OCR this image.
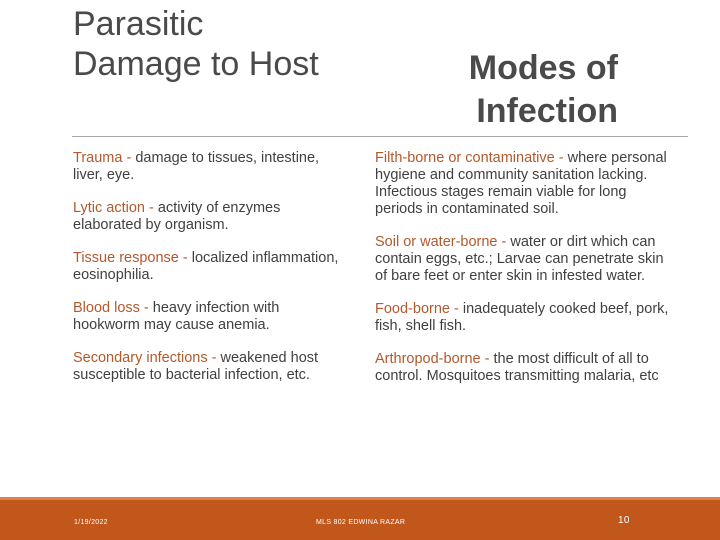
Parasitic
Damage to Host	Modes of
Infection

Trauma - damage to tissues, intestine, liver, eye.

Lytic action - activity of enzymes elaborated by organism.

Tissue response - localized inflammation, eosinophilia.

Blood loss - heavy infection with hookworm may cause anemia.

Secondary infections - weakened host susceptible to bacterial infection, etc.

Filth-borne or contaminative - where personal hygiene and community sanitation lacking. Infectious stages remain viable for long periods in contaminated soil.

Soil or water-borne - water or dirt which can contain eggs, etc.; Larvae can penetrate skin of bare feet or enter skin in infested water.

Food-borne - inadequately cooked beef, pork, fish, shell fish.

Arthropod-borne - the most difficult of all to control. Mosquitoes transmitting malaria, etc

1/19/2022	MLS 802 EDWINA RAZAR	10
